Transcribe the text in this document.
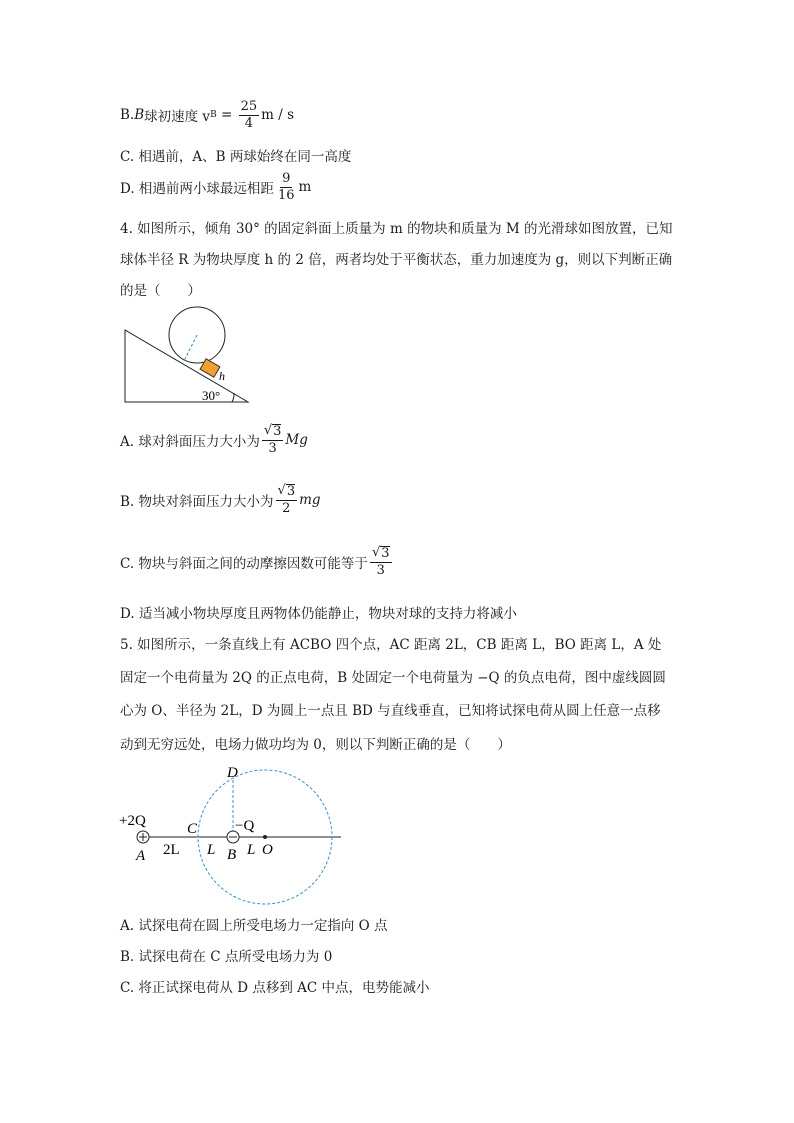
B. B 球初速度 v $B = \frac{25}{4}$ m / s
C. 相遇前，A、B 两球始终在同一高度
D. 相遇前两小球最远相距 $\frac{9}{16}$ m
4. 如图所示，倾角 30° 的固定斜面上质量为 m 的物块和质量为 M 的光滑球如图放置，已知
球体半径 R 为物块厚度 h 的 2 倍，两者均处于平衡状态，重力加速度为 g，则以下判断正确
的是（　　）
h
30°
A. 球对斜面压力大小为 $\frac{√ 3}{3}$ Mg
B. 物块对斜面压力大小为 $\frac{√ 3}{2}$ mg
C. 物块与斜面之间的动摩擦因数可能等于 $\frac{√ 3}{3}$
D. 适当减小物块厚度且两物体仍能静止，物块对球的支持力将减小
5. 如图所示，一条直线上有 ACBO 四个点，AC 距离 2L，CB 距离 L，BO 距离 L，A 处
固定一个电荷量为 2Q 的正点电荷，B 处固定一个电荷量为 −Q 的负点电荷，图中虚线圆圆
心为 O、半径为 2L，D 为圆上一点且 BD 与直线垂直，已知将试探电荷从圆上任意一点移
动到无穷远处，电场力做功均为 0，则以下判断正确的是（　　）
D
+2Q	C	−Q
A 2L L B L O
A. 试探电荷在圆上所受电场力一定指向 O 点
B. 试探电荷在 C 点所受电场力为 0
C. 将正试探电荷从 D 点移到 AC 中点，电势能减小
